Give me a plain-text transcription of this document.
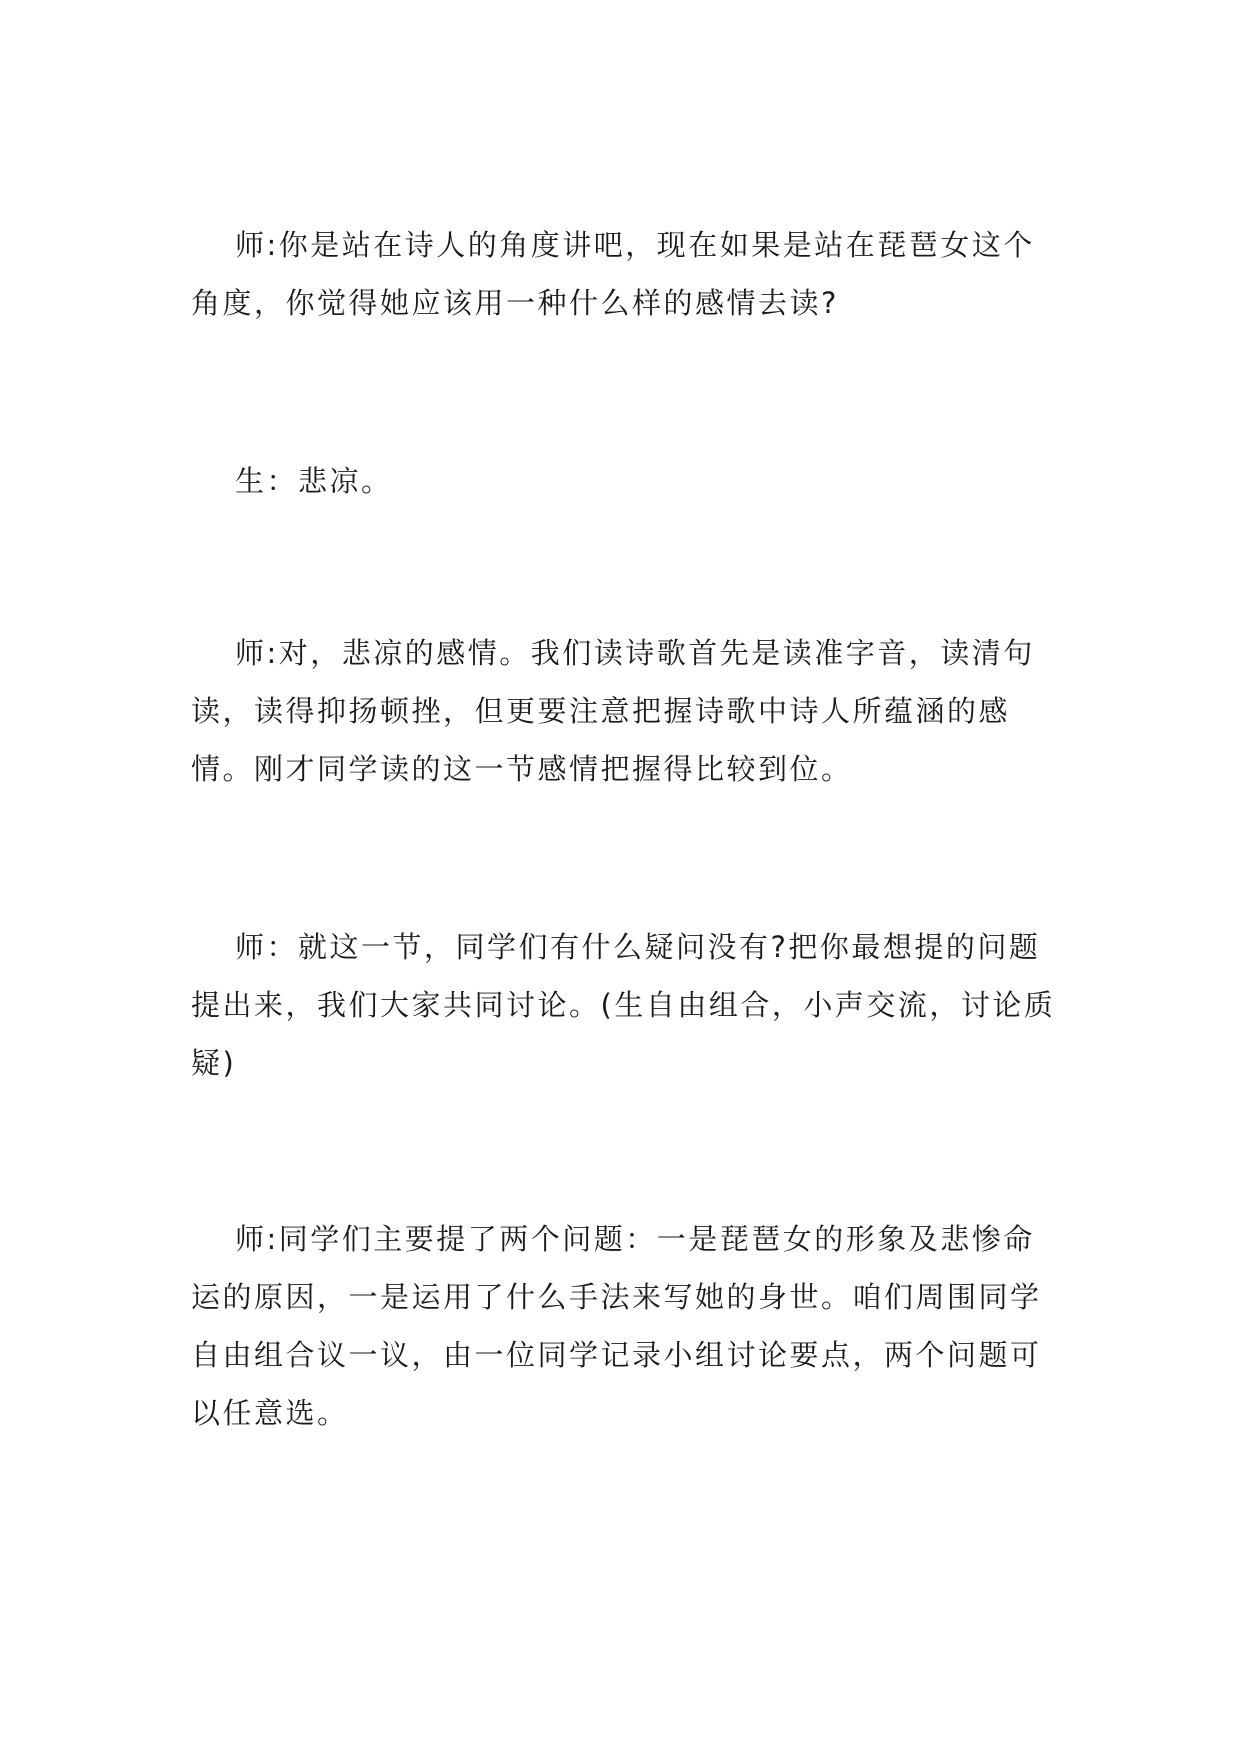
师:你是站在诗人的角度讲吧，现在如果是站在琵琶女这个角度，你觉得她应该用一种什么样的感情去读?

生：悲凉。

师:对，悲凉的感情。我们读诗歌首先是读准字音，读清句读，读得抑扬顿挫，但更要注意把握诗歌中诗人所蕴涵的感情。刚才同学读的这一节感情把握得比较到位。

师：就这一节，同学们有什么疑问没有?把你最想提的问题提出来，我们大家共同讨论。(生自由组合，小声交流，讨论质疑)

师:同学们主要提了两个问题：一是琵琶女的形象及悲惨命运的原因，一是运用了什么手法来写她的身世。咱们周围同学自由组合议一议，由一位同学记录小组讨论要点，两个问题可以任意选。
